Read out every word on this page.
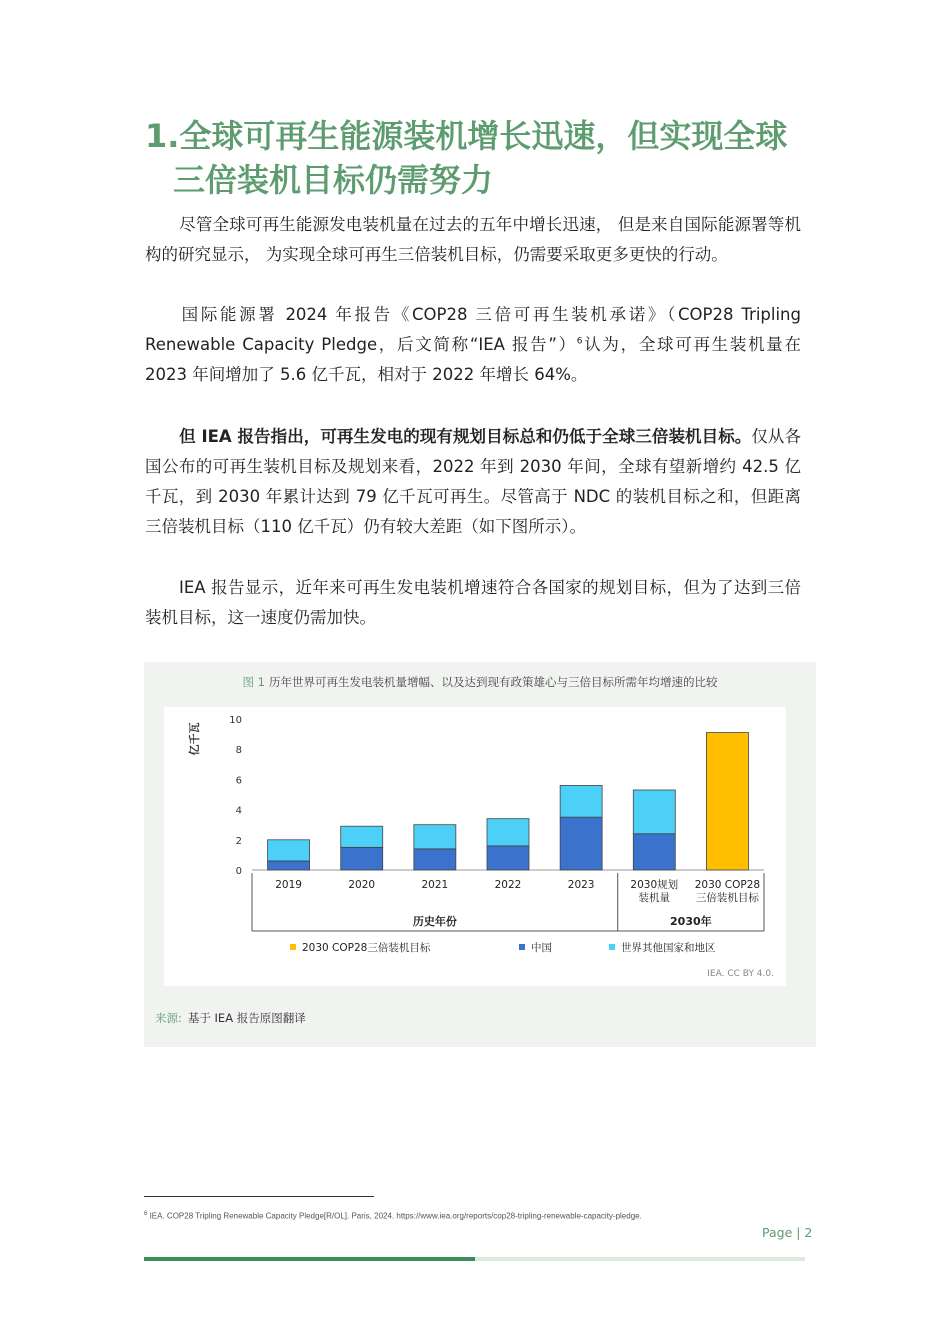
1.全球可再生能源装机增长迅速，但实现全球
三倍装机目标仍需努力

尽管全球可再生能源发电装机量在过去的五年中增长迅速， 但是来自国际能源署等机构的研究显示， 为实现全球可再生三倍装机目标，仍需要采取更多更快的行动。

国际能源署 2024 年报告《COP28 三倍可再生装机承诺》（COP28 Tripling Renewable Capacity Pledge，后文简称“IEA 报告”）$^6$认为，全球可再生装机量在 2023 年间增加了 5.6 亿千瓦，相对于 2022 年增长 64%。

但 IEA 报告指出，可再生发电的现有规划目标总和仍低于全球三倍装机目标。仅从各国公布的可再生装机目标及规划来看，2022 年到 2030 年间，全球有望新增约 42.5 亿千瓦，到 2030 年累计达到 79 亿千瓦可再生。尽管高于 NDC 的装机目标之和，但距离三倍装机目标（110 亿千瓦）仍有较大差距（如下图所示）。

IEA 报告显示，近年来可再生发电装机增速符合各国家的规划目标，但为了达到三倍装机目标，这一速度仍需加快。

图 1 历年世界可再生发电装机量增幅、以及达到现有政策雄心与三倍目标所需年均增速的比较
0
2
4
6
8
10
亿千瓦
2019	2020	2021	2022	2023	2030规划
装机量
2030 COP28
三倍装机目标
历史年份	2030年
2030 COP28三倍装机目标	中国	世界其他国家和地区
IEA. CC BY 4.0.
来源: 基于 IEA 报告原图翻译
$^6$ IEA. COP28 Tripling Renewable Capacity Pledge[R/OL]. Paris, 2024. https://www.iea.org/reports/cop28-tripling-renewable-capacity-pledge.
Page | 2
